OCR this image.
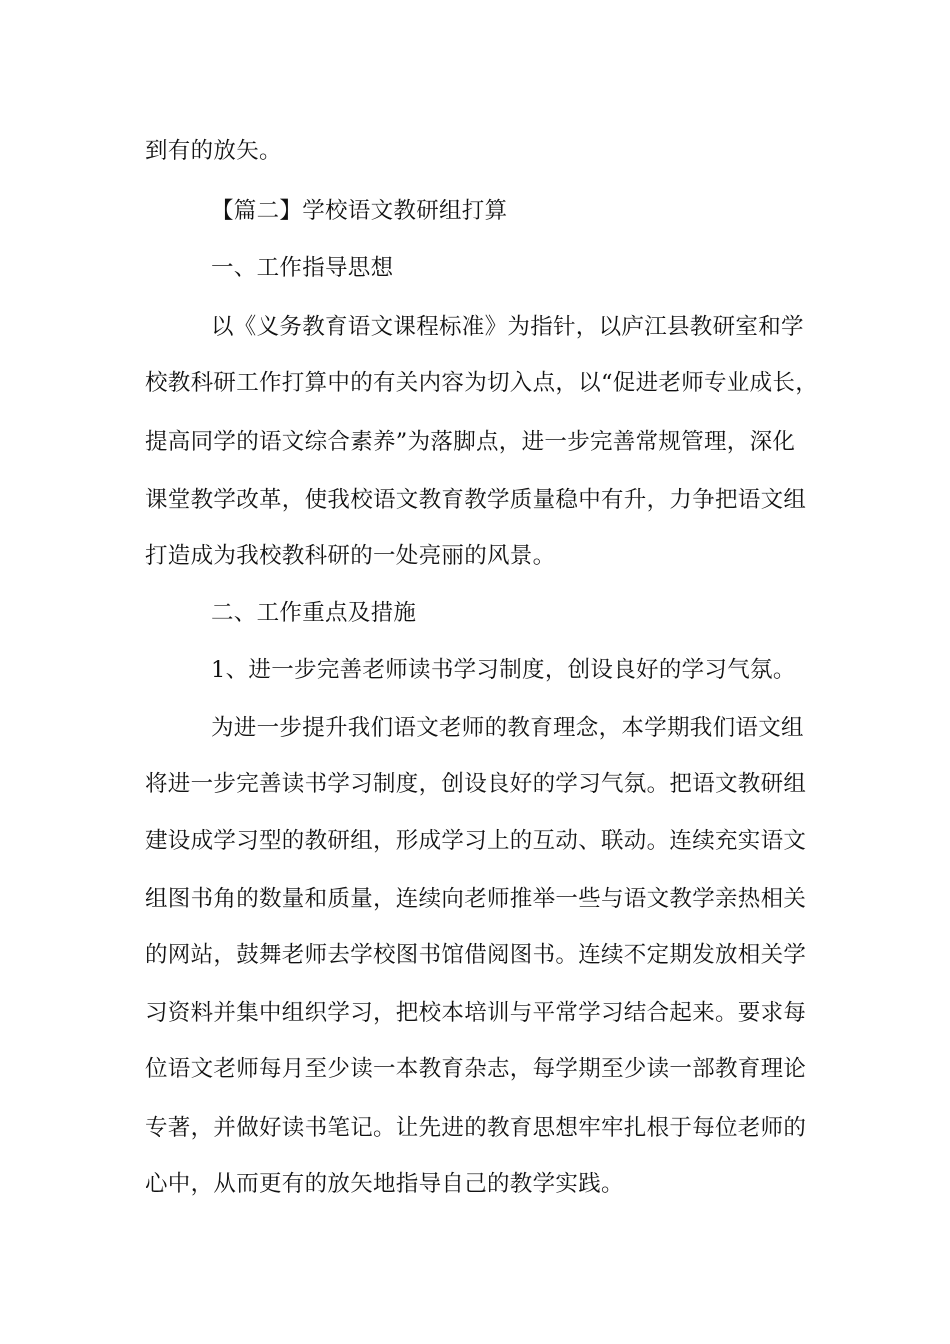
到有的放矢。
【篇二】学校语文教研组打算
一、工作指导思想
以《义务教育语文课程标准》为指针，以庐江县教研室和学
校教科研工作打算中的有关内容为切入点，以“促进老师专业成长，
提高同学的语文综合素养”为落脚点，进一步完善常规管理，深化
课堂教学改革，使我校语文教育教学质量稳中有升，力争把语文组
打造成为我校教科研的一处亮丽的风景。
二、工作重点及措施
1、进一步完善老师读书学习制度，创设良好的学习气氛。
为进一步提升我们语文老师的教育理念，本学期我们语文组
将进一步完善读书学习制度，创设良好的学习气氛。把语文教研组
建设成学习型的教研组，形成学习上的互动、联动。连续充实语文
组图书角的数量和质量，连续向老师推举一些与语文教学亲热相关
的网站，鼓舞老师去学校图书馆借阅图书。连续不定期发放相关学
习资料并集中组织学习，把校本培训与平常学习结合起来。要求每
位语文老师每月至少读一本教育杂志，每学期至少读一部教育理论
专著，并做好读书笔记。让先进的教育思想牢牢扎根于每位老师的
心中，从而更有的放矢地指导自己的教学实践。
